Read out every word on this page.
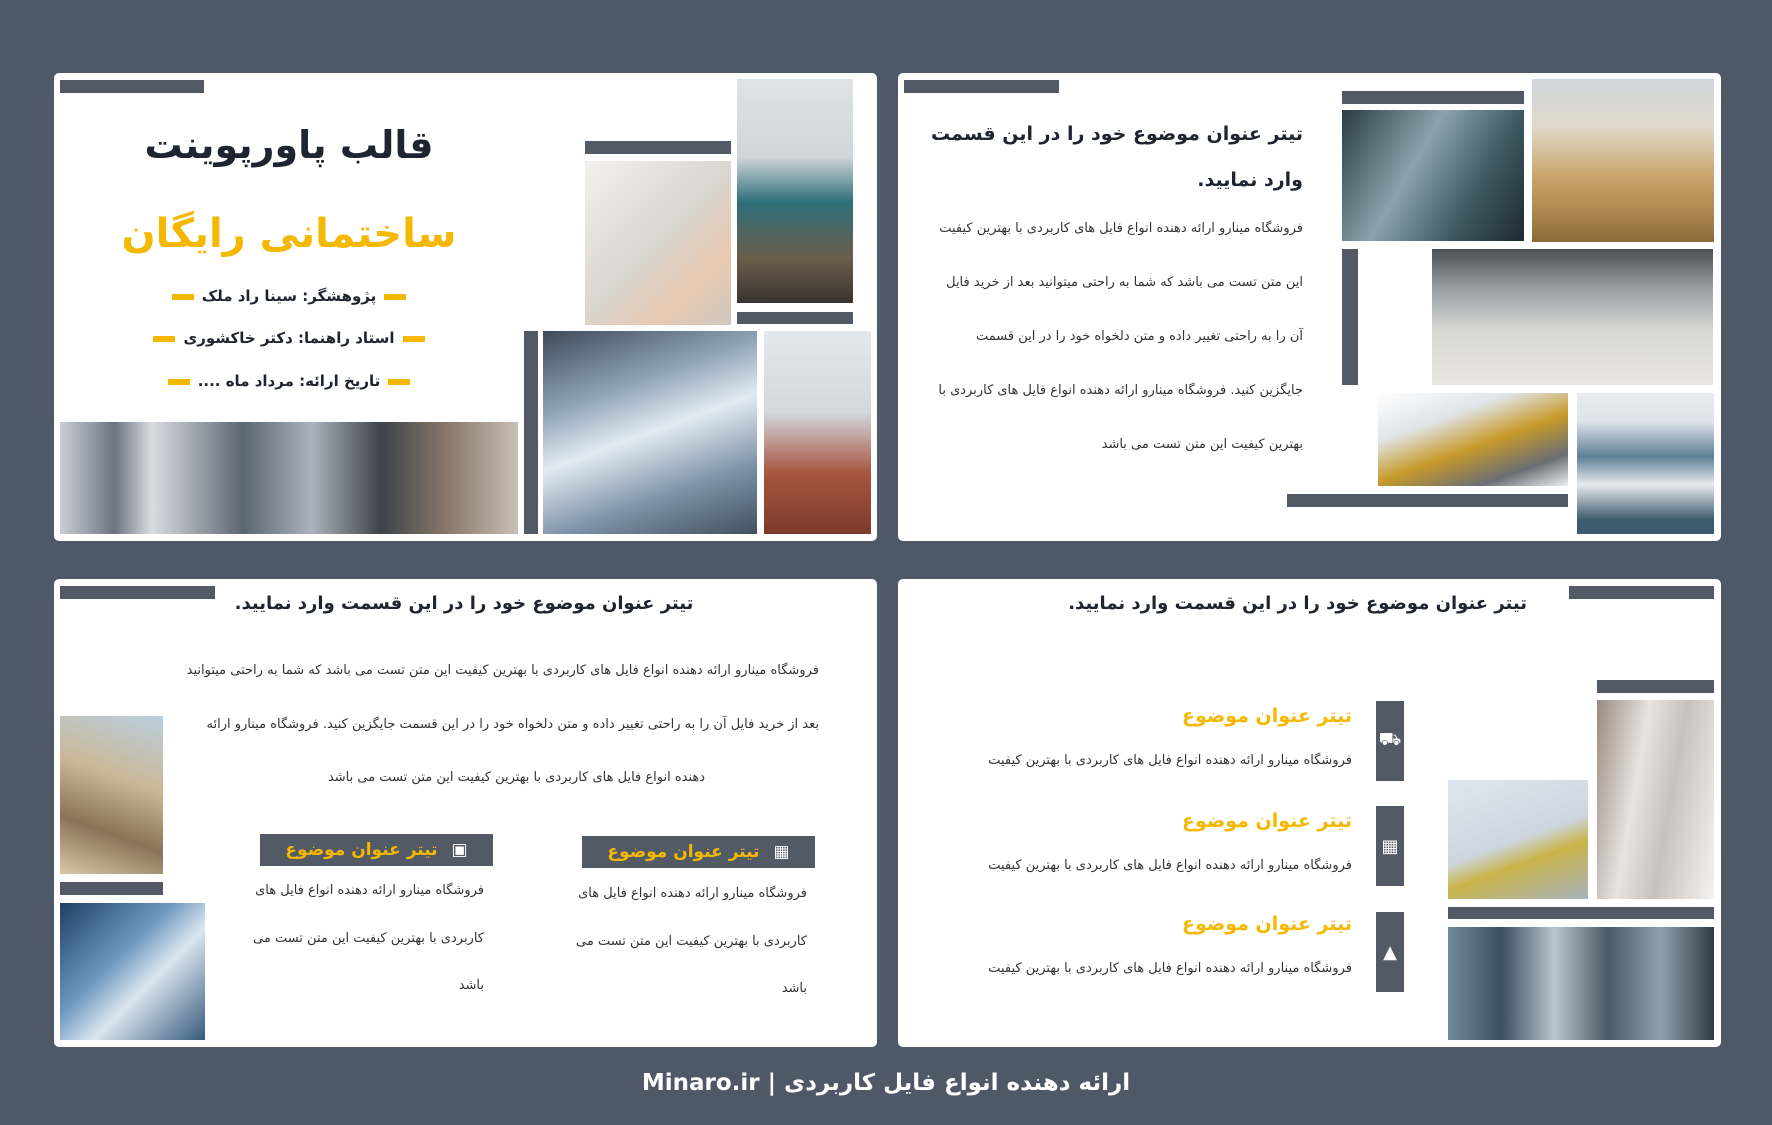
قالب پاورپوینت
ساختمانی رایگان
پژوهشگر: سینا راد ملک
استاد راهنما: دکتر خاکشوری
تاریخ ارائه: مرداد ماه ....
تیتر عنوان موضوع خود را در این قسمت وارد نمایید.
فروشگاه مینارو ارائه دهنده انواع فایل های کاربردی با بهترین کیفیت
این متن تست می باشد که شما به راحتی میتوانید بعد از خرید فایل
آن را به راحتی تغییر داده و متن دلخواه خود را در این قسمت
جایگزین کنید. فروشگاه مینارو ارائه دهنده انواع فایل های کاربردی با
بهترین کیفیت این متن تست می باشد
تیتر عنوان موضوع خود را در این قسمت وارد نمایید.
فروشگاه مینارو ارائه دهنده انواع فایل های کاربردی با بهترین کیفیت این متن تست می باشد که شما به راحتی میتوانید
بعد از خرید فایل آن را به راحتی تغییر داده و متن دلخواه خود را در این قسمت جایگزین کنید. فروشگاه مینارو ارائه
دهنده انواع فایل های کاربردی با بهترین کیفیت این متن تست می باشد
▣
تیتر عنوان موضوع
فروشگاه مینارو ارائه دهنده انواع فایل های
کاربردی با بهترین کیفیت این متن تست می
باشد
▦
تیتر عنوان موضوع
فروشگاه مینارو ارائه دهنده انواع فایل های
کاربردی با بهترین کیفیت این متن تست می
باشد
تیتر عنوان موضوع خود را در این قسمت وارد نمایید.
⛟
تیتر عنوان موضوع
فروشگاه مینارو ارائه دهنده انواع فایل های کاربردی با بهترین کیفیت
▦
تیتر عنوان موضوع
فروشگاه مینارو ارائه دهنده انواع فایل های کاربردی با بهترین کیفیت
▲
تیتر عنوان موضوع
فروشگاه مینارو ارائه دهنده انواع فایل های کاربردی با بهترین کیفیت
Minaro.ir | ارائه دهنده انواع فایل کاربردی
